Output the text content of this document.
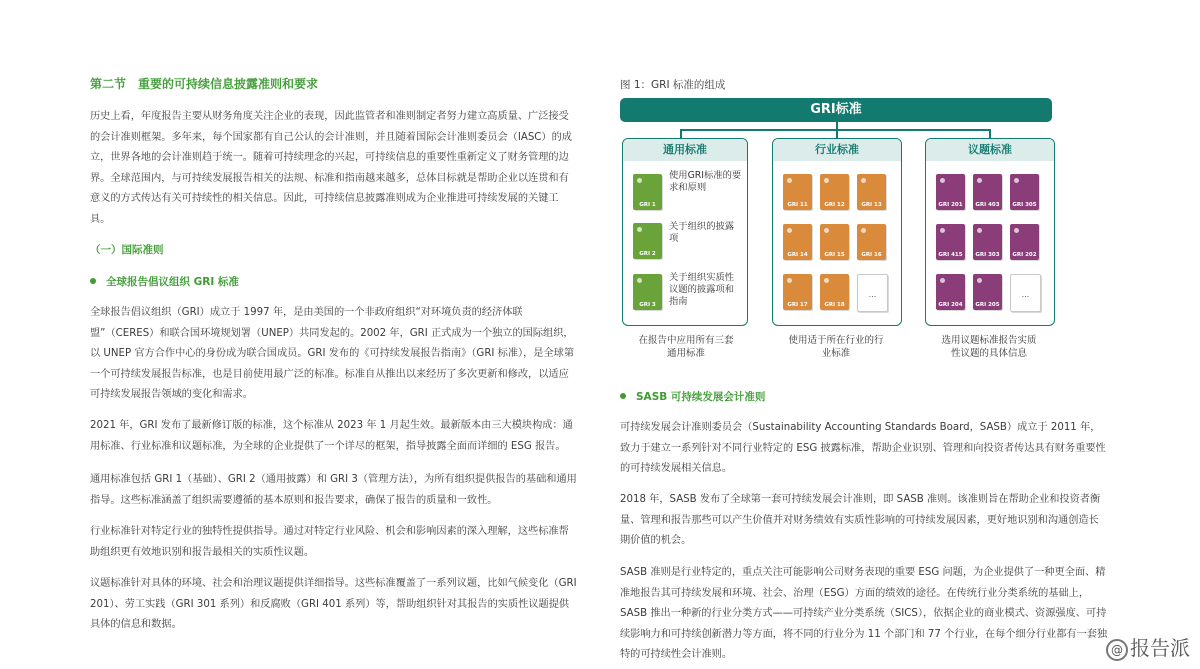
第二节　重要的可持续信息披露准则和要求
历史上看，年度报告主要从财务角度关注企业的表现，因此监管者和准则制定者努力建立高质量、广泛接受的会计准则框架。多年来，每个国家都有自己公认的会计准则，并且随着国际会计准则委员会（IASC）的成立，世界各地的会计准则趋于统一。随着可持续理念的兴起，可持续信息的重要性重新定义了财务管理的边界。全球范围内，与可持续发展报告相关的法规、标准和指南越来越多，总体目标就是帮助企业以连贯和有意义的方式传达有关可持续性的相关信息。因此，可持续信息披露准则成为企业推进可持续发展的关键工具。
（一）国际准则
全球报告倡议组织 GRI 标准
全球报告倡议组织（GRI）成立于 1997 年，是由美国的一个非政府组织“对环境负责的经济体联盟”（CERES）和联合国环境规划署（UNEP）共同发起的。2002 年，GRI 正式成为一个独立的国际组织，以 UNEP 官方合作中心的身份成为联合国成员。GRI 发布的《可持续发展报告指南》（GRI 标准），是全球第一个可持续发展报告标准，也是目前使用最广泛的标准。标准自从推出以来经历了多次更新和修改，以适应可持续发展报告领域的变化和需求。
2021 年，GRI 发布了最新修订版的标准，这个标准从 2023 年 1 月起生效。最新版本由三大模块构成：通用标准、行业标准和议题标准，为全球的企业提供了一个详尽的框架，指导披露全面而详细的 ESG 报告。
通用标准包括 GRI 1（基础）、GRI 2（通用披露）和 GRI 3（管理方法），为所有组织提供报告的基础和通用指导。这些标准涵盖了组织需要遵循的基本原则和报告要求，确保了报告的质量和一致性。
行业标准针对特定行业的独特性提供指导。通过对特定行业风险、机会和影响因素的深入理解，这些标准帮助组织更有效地识别和报告最相关的实质性议题。
议题标准针对具体的环境、社会和治理议题提供详细指导。这些标准覆盖了一系列议题，比如气候变化（GRI 201）、劳工实践（GRI 301 系列）和反腐败（GRI 401 系列）等，帮助组织针对其报告的实质性议题提供具体的信息和数据。
图 1：GRI 标准的组成
GRI标准
通用标准
GRI 1
使用GRI标准的要求和原则
GRI 2
关于组织的披露项
GRI 3
关于组织实质性议题的披露项和指南
行业标准
GRI 11	GRI 12	GRI 13
GRI 14	GRI 15	GRI 16
GRI 17	GRI 18
...
议题标准
GRI 201	GRI 403	GRI 305
GRI 415	GRI 303	GRI 202
GRI 204	GRI 205
...
在报告中应用所有三套通用标准
使用适于所在行业的行业标准
选用议题标准报告实质性议题的具体信息
SASB 可持续发展会计准则
可持续发展会计准则委员会（Sustainability Accounting Standards Board，SASB）成立于 2011 年，致力于建立一系列针对不同行业特定的 ESG 披露标准，帮助企业识别、管理和向投资者传达具有财务重要性的可持续发展相关信息。
2018 年，SASB 发布了全球第一套可持续发展会计准则，即 SASB 准则。该准则旨在帮助企业和投资者衡量、管理和报告那些可以产生价值并对财务绩效有实质性影响的可持续发展因素，更好地识别和沟通创造长期价值的机会。
SASB 准则是行业特定的，重点关注可能影响公司财务表现的重要 ESG 问题，为企业提供了一种更全面、精准地报告其可持续发展和环境、社会、治理（ESG）方面的绩效的途径。在传统行业分类系统的基础上，SASB 推出一种新的行业分类方式——可持续产业分类系统（SICS），依据企业的商业模式、资源强度、可持续影响力和可持续创新潜力等方面，将不同的行业分为 11 个部门和 77 个行业，在每个细分行业都有一套独特的可持续性会计准则。	@ 报告派
